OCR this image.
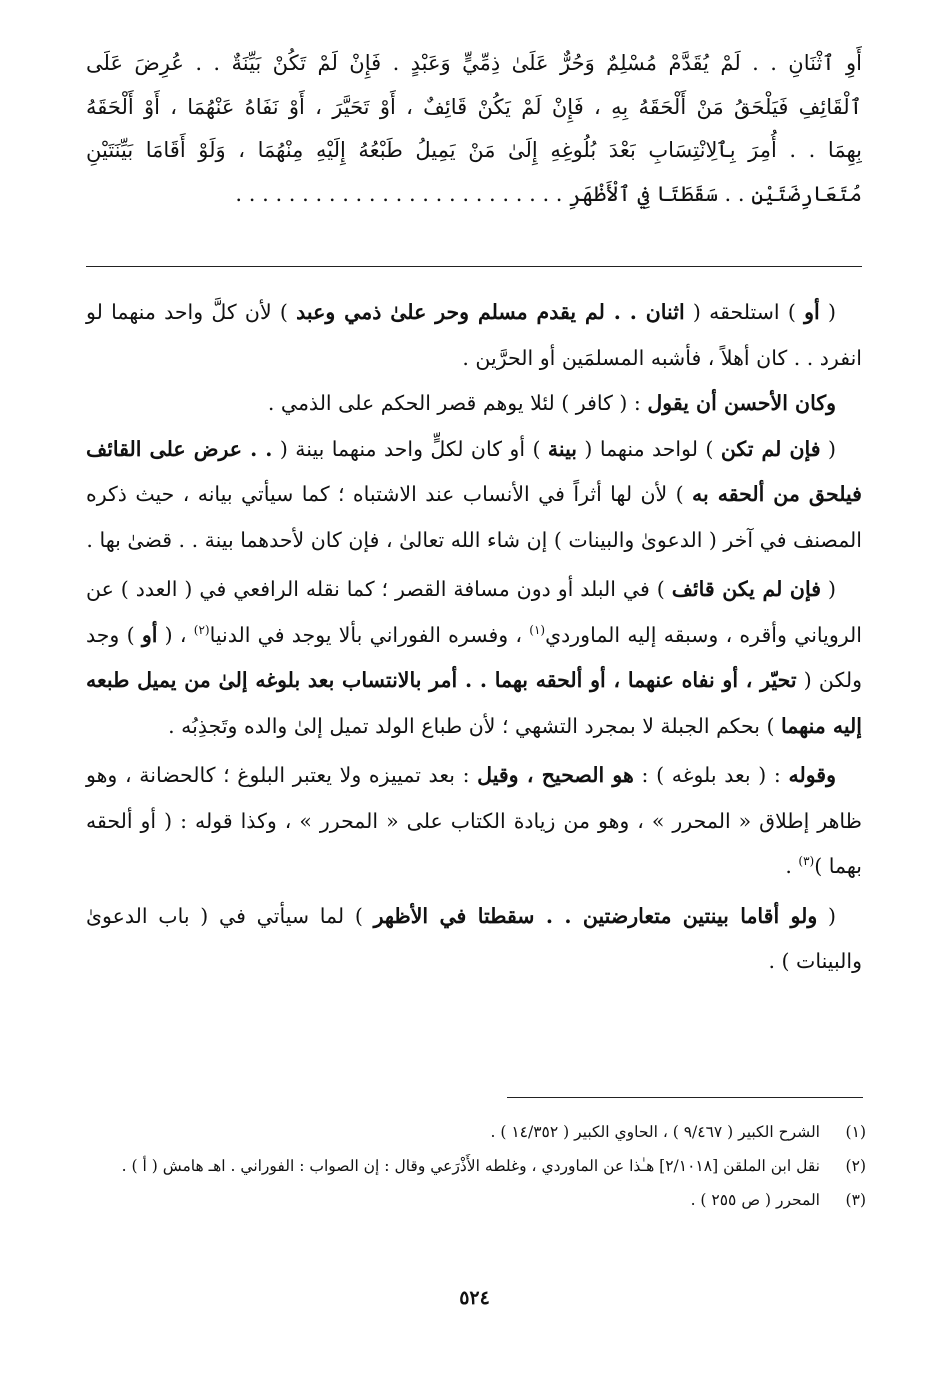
أَوِ ٱثْنَانِ . . لَمْ يُقَدَّمْ مُسْلِمٌ وَحُرٌّ عَلَىٰ ذِمِّيٍّ وَعَبْدٍ . فَإِنْ لَمْ تَكُنْ بَيِّنَةٌ . . عُرِضَ عَلَى
ٱلْقَائِفِ فَيَلْحَقُ مَنْ أَلْحَقَهُ بِهِ ، فَإِنْ لَمْ يَكُنْ قَائِفٌ ، أَوْ تَحَيَّرَ ، أَوْ نَفَاهُ عَنْهُمَا ، أَوْ أَلْحَقَهُ
بِهِمَا . . أُمِرَ بِٱلِانْتِسَابِ بَعْدَ بُلُوغِهِ إِلَىٰ مَنْ يَمِيلُ طَبْعُهُ إِلَيْهِ مِنْهُمَا ، وَلَوْ أَقَامَا بَيِّنَتَيْنِ
مُتَعَارِضَتَيْنِ . . سَقَطَتَا فِي ٱلْأَظْهَرِ . . . . . . . . . . . . . . . . . . . . . . . . .

( أو ) استلحقه ( اثنان . . لم يقدم مسلم وحر علىٰ ذمي وعبد ) لأن كلَّ واحد منهما لو انفرد . . كان أهلاً ، فأشبه المسلمَين أو الحرَّين .

وكان الأحسن أن يقول : ( كافر ) لئلا يوهم قصر الحكم على الذمي .

( فإن لم تكن ) لواحد منهما ( بينة ) أو كان لكلٍّ واحد منهما بينة ( . . عرض على القائف فيلحق من ألحقه به ) لأن لها أثراً في الأنساب عند الاشتباه ؛ كما سيأتي بيانه ، حيث ذكره المصنف في آخر ( الدعوىٰ والبينات ) إن شاء الله تعالىٰ ، فإن كان لأحدهما بينة . . قضىٰ بها .

( فإن لم يكن قائف ) في البلد أو دون مسافة القصر ؛ كما نقله الرافعي في ( العدد ) عن الروياني وأقره ، وسبقه إليه الماوردي$^{(١)}$ ، وفسره الفوراني بألا يوجد في الدنيا$^{(٢)}$ ، ( أو ) وجد ولكن ( تحيّر ، أو نفاه عنهما ، أو ألحقه بهما . . أمر بالانتساب بعد بلوغه إلىٰ من يميل طبعه إليه منهما ) بحكم الجبلة لا بمجرد التشهي ؛ لأن طباع الولد تميل إلىٰ والده وتَجذِبُه .

وقوله : ( بعد بلوغه ) : هو الصحيح ، وقيل : بعد تمييزه ولا يعتبر البلوغ ؛ كالحضانة ، وهو ظاهر إطلاق « المحرر » ، وهو من زيادة الكتاب على « المحرر » ، وكذا قوله : ( أو ألحقه بهما )$^{(٣)}$ .

( ولو أقاما بينتين متعارضتين . . سقطتا في الأظهر ) لما سيأتي في ( باب الدعوىٰ والبينات ) .

(١)
الشرح الكبير ( ٩/٤٦٧ ) ، الحاوي الكبير ( ١٤/٣٥٢ ) .
(٢)
نقل ابن الملقن [٢/١٠١٨] هـٰذا عن الماوردي ، وغلطه الأَذْرَعي وقال : إن الصواب : الفوراني . اهـ هامش ( أ ) .
(٣)
المحرر ( ص ٢٥٥ ) .
٥٢٤
